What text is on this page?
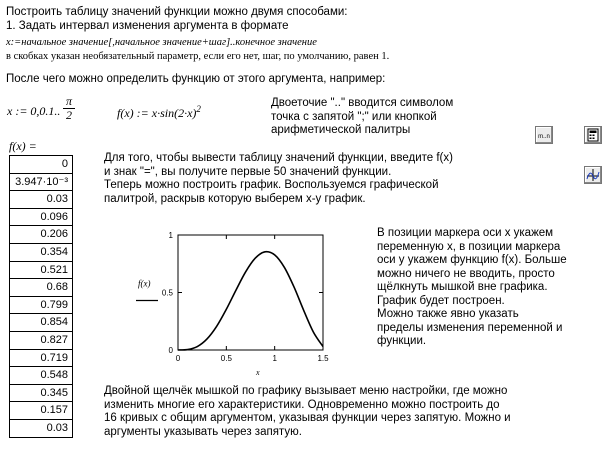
Построить таблицу значений функции можно двумя способами:
1. Задать интервал изменения аргумента в формате
x:=начальное значение[,начальное значение+шаг]..конечное значение
в скобках указан необязательный параметр, если его нет, шаг, по умолчанию, равен 1.
После чего можно определить функцию от этого аргумента, например:
x := 0,0.1.. $\frac{\pi}{2}$	f(x) := $x\cdot\sin(2\cdot x)^2$	Двоеточие ".." вводится символом
точка с запятой ";" или кнопкой
арифметической палитры
m..n
f(x) =
0
3.947·10⁻³
0.03
0.096
0.206
0.354
0.521
0.68
0.799
0.854
0.827
0.719
0.548
0.345
0.157
0.03
Для того, чтобы вывести таблицу значений функции, введите f(x)
и знак "=", вы получите первые 50 значений функции.
Теперь можно построить график. Воспользуемся графической
палитрой, раскрыв которую выберем x-y график.
0	0.5	1	1.5
0
0.5
1
f(x)
x
В позиции маркера оси x укажем
переменную x, в позиции маркера
оси y укажем функцию f(x). Больше
можно ничего не вводить, просто
щёлкнуть мышкой вне графика.
График будет построен.
Можно также явно указать
пределы изменения переменной и
функции.
Двойной щелчёк мышкой по графику вызывает меню настройки, где можно
изменить многие его характеристики. Одновременно можно построить до
16 кривых с общим аргументом, указывая функции через запятую. Можно и
аргументы указывать через запятую.
